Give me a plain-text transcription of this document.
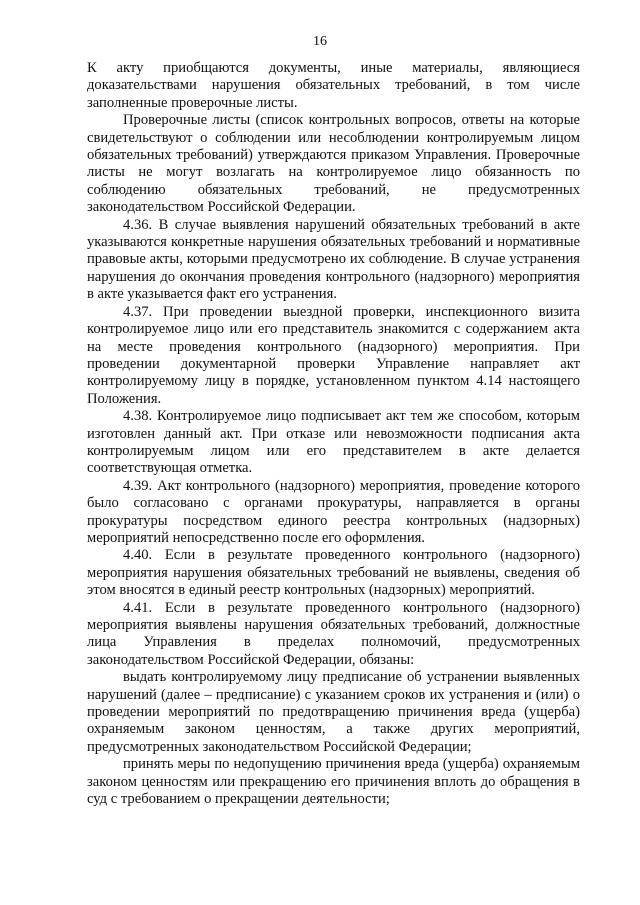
16

К акту приобщаются документы, иные материалы, являющиеся доказательствами нарушения обязательных требований, в том числе заполненные проверочные листы.

Проверочные листы (список контрольных вопросов, ответы на которые свидетельствуют о соблюдении или несоблюдении контролируемым лицом обязательных требований) утверждаются приказом Управления. Проверочные листы не могут возлагать на контролируемое лицо обязанность по соблюдению обязательных требований, не предусмотренных законодательством Российской Федерации.

4.36. В случае выявления нарушений обязательных требований в акте указываются конкретные нарушения обязательных требований и нормативные правовые акты, которыми предусмотрено их соблюдение. В случае устранения нарушения до окончания проведения контрольного (надзорного) мероприятия в акте указывается факт его устранения.

4.37. При проведении выездной проверки, инспекционного визита контролируемое лицо или его представитель знакомится с содержанием акта на месте проведения контрольного (надзорного) мероприятия. При проведении документарной проверки Управление направляет акт контролируемому лицу в порядке, установленном пунктом 4.14 настоящего Положения.

4.38. Контролируемое лицо подписывает акт тем же способом, которым изготовлен данный акт. При отказе или невозможности подписания акта контролируемым лицом или его представителем в акте делается соответствующая отметка.

4.39. Акт контрольного (надзорного) мероприятия, проведение которого было согласовано с органами прокуратуры, направляется в органы прокуратуры посредством единого реестра контрольных (надзорных) мероприятий непосредственно после его оформления.

4.40. Если в результате проведенного контрольного (надзорного) мероприятия нарушения обязательных требований не выявлены, сведения об этом вносятся в единый реестр контрольных (надзорных) мероприятий.

4.41. Если в результате проведенного контрольного (надзорного) мероприятия выявлены нарушения обязательных требований, должностные лица Управления в пределах полномочий, предусмотренных законодательством Российской Федерации, обязаны:

выдать контролируемому лицу предписание об устранении выявленных нарушений (далее – предписание) с указанием сроков их устранения и (или) о проведении мероприятий по предотвращению причинения вреда (ущерба) охраняемым законом ценностям, а также других мероприятий, предусмотренных законодательством Российской Федерации;

принять меры по недопущению причинения вреда (ущерба) охраняемым законом ценностям или прекращению его причинения вплоть до обращения в суд с требованием о прекращении деятельности;
